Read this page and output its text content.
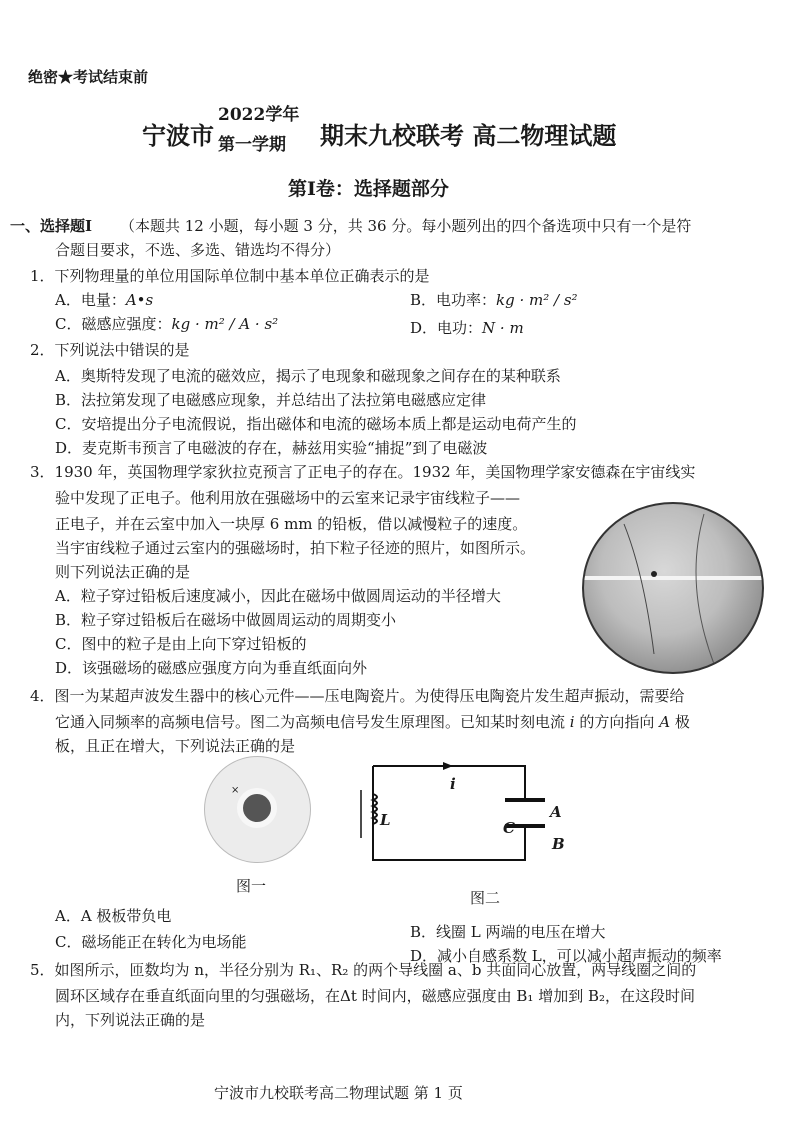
绝密★考试结束前
宁波市
2022学年
第一学期 期末九校联考 高二物理试题
第Ⅰ卷：选择题部分
一、选择题Ⅰ （本题共 12 小题，每小题 3 分，共 36 分。每小题列出的四个备选项中只有一个是符
合题目要求，不选、多选、错选均不得分）
1．下列物理量的单位用国际单位制中基本单位正确表示的是
A．电量：A•s	B．电功率：kg · m² / s²
C．磁感应强度：kg · m² / A · s²	D．电功：N · m
2．下列说法中错误的是
A．奥斯特发现了电流的磁效应，揭示了电现象和磁现象之间存在的某种联系
B．法拉第发现了电磁感应现象，并总结出了法拉第电磁感应定律
C．安培提出分子电流假说，指出磁体和电流的磁场本质上都是运动电荷产生的
D．麦克斯韦预言了电磁波的存在，赫兹用实验“捕捉”到了电磁波
3．1930 年，英国物理学家狄拉克预言了正电子的存在。1932 年，美国物理学家安德森在宇宙线实
验中发现了正电子。他利用放在强磁场中的云室来记录宇宙线粒子——
正电子，并在云室中加入一块厚 6 mm 的铅板，借以减慢粒子的速度。
当宇宙线粒子通过云室内的强磁场时，拍下粒子径迹的照片，如图所示。
则下列说法正确的是
A．粒子穿过铅板后速度减小，因此在磁场中做圆周运动的半径增大
B．粒子穿过铅板后在磁场中做圆周运动的周期变小
C．图中的粒子是由上向下穿过铅板的
D．该强磁场的磁感应强度方向为垂直纸面向外
4．图一为某超声波发生器中的核心元件——压电陶瓷片。为使得压电陶瓷片发生超声振动，需要给
它通入同频率的高频电信号。图二为高频电信号发生原理图。已知某时刻电流 i 的方向指向 A 极
板，且正在增大，下列说法正确的是
×
图一
i
L	C
A
B
图二
A．A 极板带负电
B．线圈 L 两端的电压在增大
C．磁场能正在转化为电场能
D．减小自感系数 L，可以减小超声振动的频率
5．如图所示，匝数均为 n，半径分别为 R₁、R₂ 的两个导线圈 a、b 共面同心放置，两导线圈之间的
圆环区域存在垂直纸面向里的匀强磁场，在Δt 时间内，磁感应强度由 B₁ 增加到 B₂，在这段时间
内，下列说法正确的是
宁波市九校联考高二物理试题 第 1 页
